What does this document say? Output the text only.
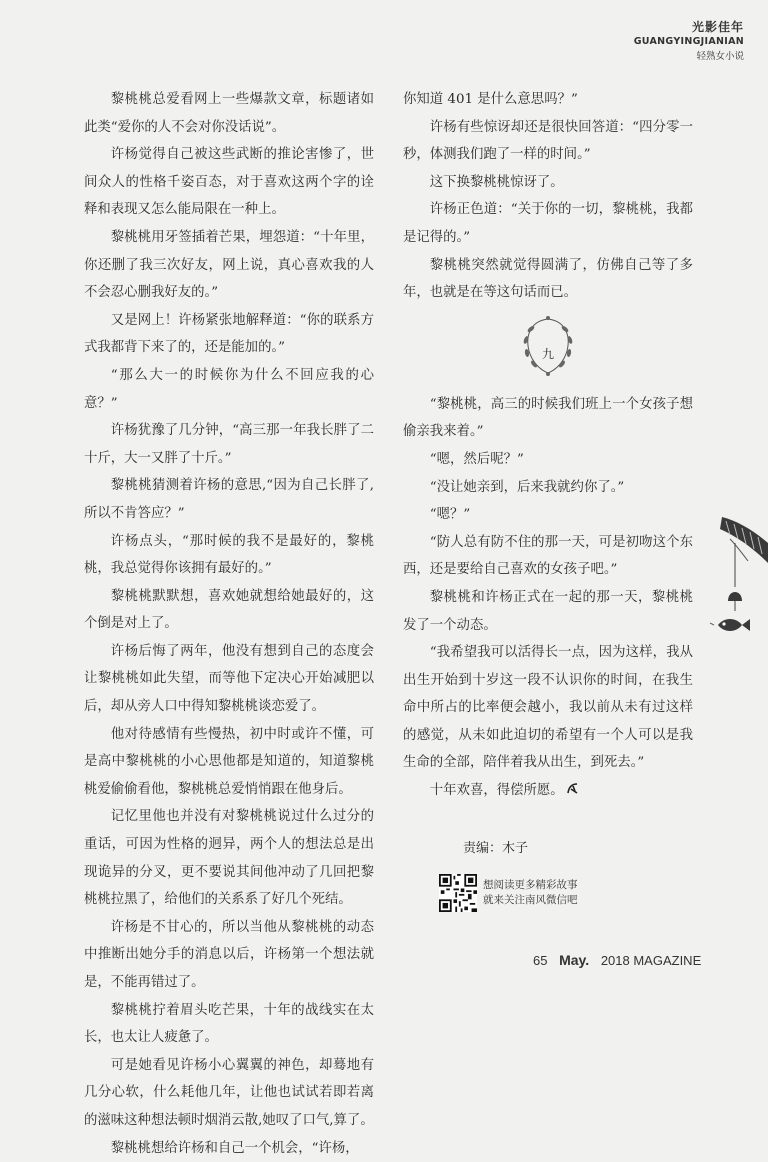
光影佳年
GUANGYINGJIANIAN
轻熟女小说

黎桃桃总爱看网上一些爆款文章，标题诸如此类“爱你的人不会对你没话说”。

许杨觉得自己被这些武断的推论害惨了，世间众人的性格千姿百态，对于喜欢这两个字的诠释和表现又怎么能局限在一种上。

黎桃桃用牙签插着芒果，埋怨道：“十年里，你还删了我三次好友，网上说，真心喜欢我的人不会忍心删我好友的。”

又是网上！许杨紧张地解释道：“你的联系方式我都背下来了的，还是能加的。”

“那么大一的时候你为什么不回应我的心意？”

许杨犹豫了几分钟，“高三那一年我长胖了二十斤，大一又胖了十斤。”

黎桃桃猜测着许杨的意思,“因为自己长胖了,所以不肯答应？”

许杨点头，“那时候的我不是最好的，黎桃桃，我总觉得你该拥有最好的。”

黎桃桃默默想，喜欢她就想给她最好的，这个倒是对上了。

许杨后悔了两年，他没有想到自己的态度会让黎桃桃如此失望，而等他下定决心开始减肥以后，却从旁人口中得知黎桃桃谈恋爱了。

他对待感情有些慢热，初中时或许不懂，可是高中黎桃桃的小心思他都是知道的，知道黎桃桃爱偷偷看他，黎桃桃总爱悄悄跟在他身后。

记忆里他也并没有对黎桃桃说过什么过分的重话，可因为性格的迥异，两个人的想法总是出现诡异的分叉，更不要说其间他冲动了几回把黎桃桃拉黑了，给他们的关系系了好几个死结。

许杨是不甘心的，所以当他从黎桃桃的动态中推断出她分手的消息以后，许杨第一个想法就是，不能再错过了。

黎桃桃拧着眉头吃芒果，十年的战线实在太长，也太让人疲惫了。

可是她看见许杨小心翼翼的神色，却蓦地有几分心软，什么耗他几年，让他也试试若即若离的滋味这种想法顿时烟消云散,她叹了口气,算了。

黎桃桃想给许杨和自己一个机会，“许杨，

你知道 401 是什么意思吗？”

许杨有些惊讶却还是很快回答道：“四分零一秒，体测我们跑了一样的时间。”

这下换黎桃桃惊讶了。

许杨正色道：“关于你的一切，黎桃桃，我都是记得的。”

黎桃桃突然就觉得圆满了，仿佛自己等了多年，也就是在等这句话而已。

九

“黎桃桃，高三的时候我们班上一个女孩子想偷亲我来着。”

“嗯，然后呢？”

“没让她亲到，后来我就约你了。”

“嗯？”

“防人总有防不住的那一天，可是初吻这个东西，还是要给自己喜欢的女孩子吧。”

黎桃桃和许杨正式在一起的那一天，黎桃桃发了一个动态。

“我希望我可以活得长一点，因为这样，我从出生开始到十岁这一段不认识你的时间，在我生命中所占的比率便会越小，我以前从未有过这样的感觉，从未如此迫切的希望有一个人可以是我生命的全部，陪伴着我从出生，到死去。”

十年欢喜，得偿所愿。

责编：木子
想阅读更多精彩故事
就来关注南风微信吧
65 May. 2018 MAGAZINE
